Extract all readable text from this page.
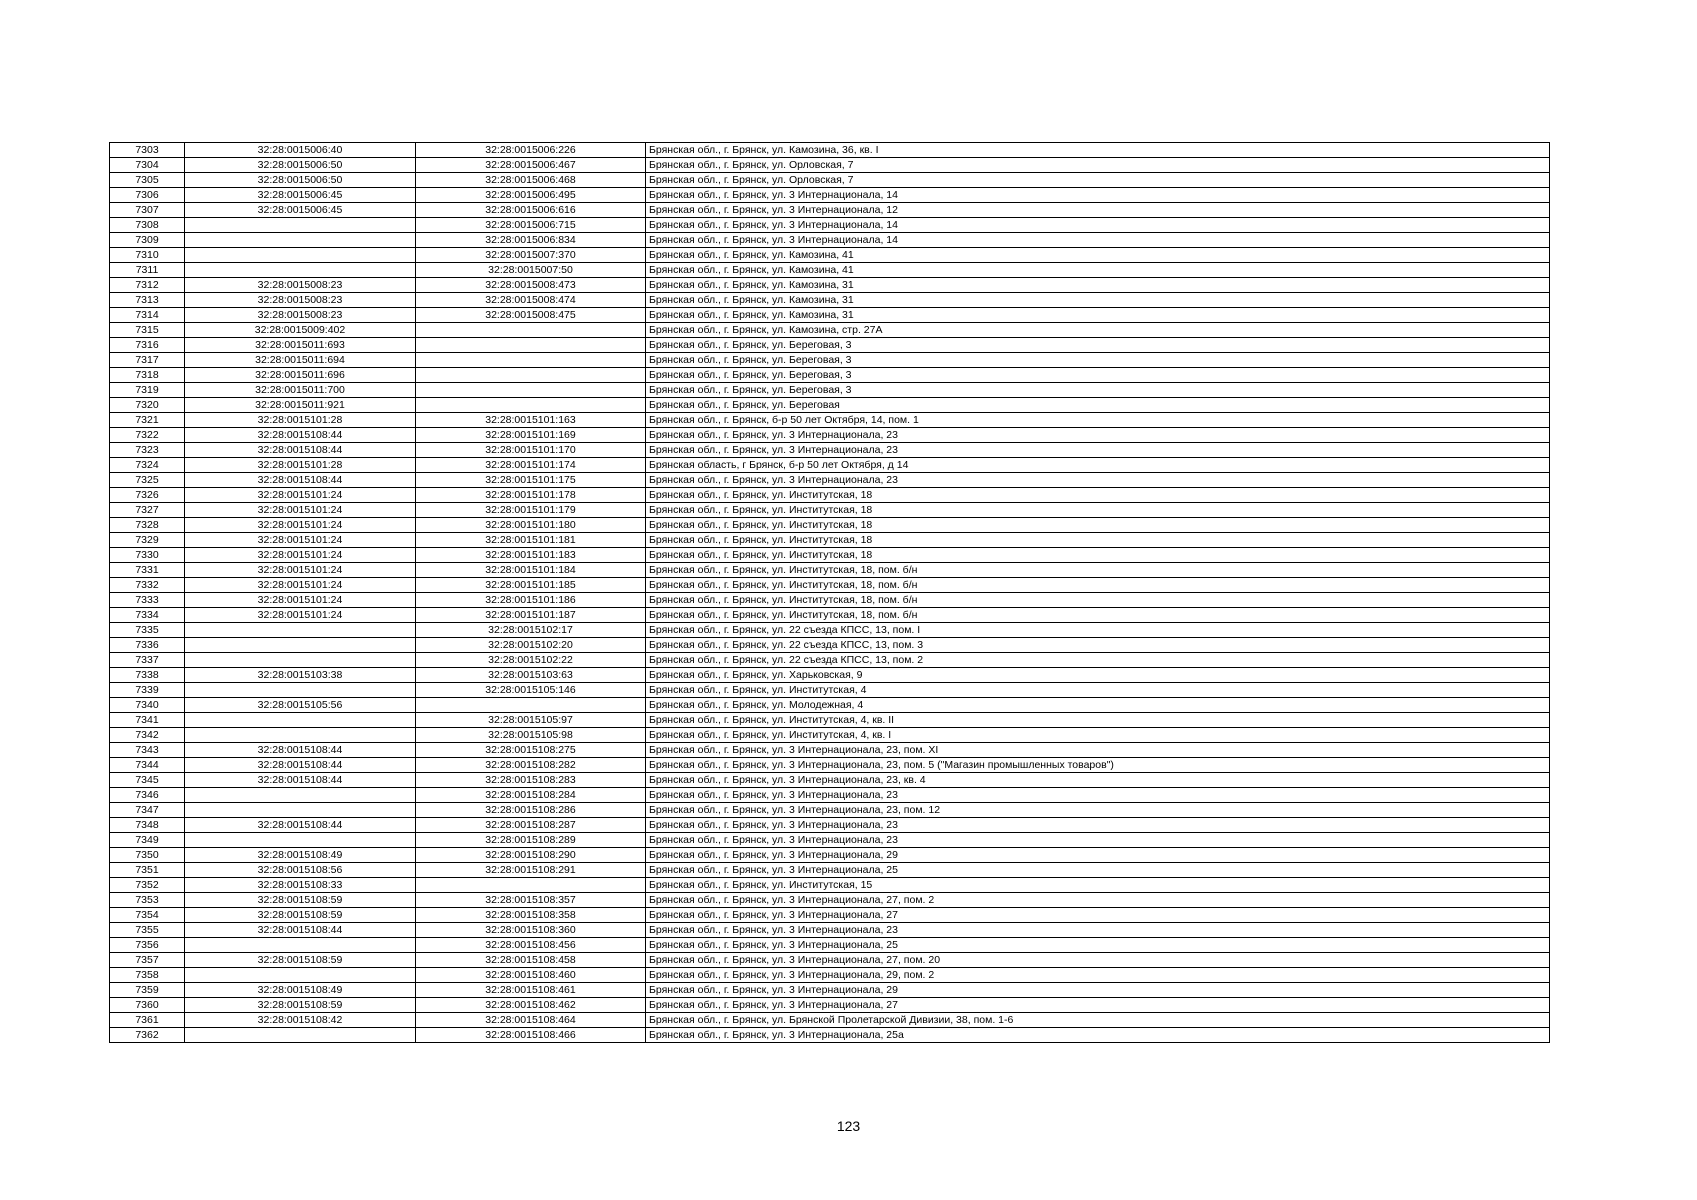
7303	32:28:0015006:40	32:28:0015006:226	Брянская обл., г. Брянск, ул. Камозина, 36, кв. I
7304	32:28:0015006:50	32:28:0015006:467	Брянская обл., г. Брянск, ул. Орловская, 7
7305	32:28:0015006:50	32:28:0015006:468	Брянская обл., г. Брянск, ул. Орловская, 7
7306	32:28:0015006:45	32:28:0015006:495	Брянская обл., г. Брянск, ул. 3 Интернационала, 14
7307	32:28:0015006:45	32:28:0015006:616	Брянская обл., г. Брянск, ул. 3 Интернационала, 12
7308		32:28:0015006:715	Брянская обл., г. Брянск, ул. 3 Интернационала, 14
7309		32:28:0015006:834	Брянская обл., г. Брянск, ул. 3 Интернационала, 14
7310		32:28:0015007:370	Брянская обл., г. Брянск, ул. Камозина, 41
7311		32:28:0015007:50	Брянская обл., г. Брянск, ул. Камозина, 41
7312	32:28:0015008:23	32:28:0015008:473	Брянская обл., г. Брянск, ул. Камозина, 31
7313	32:28:0015008:23	32:28:0015008:474	Брянская обл., г. Брянск, ул. Камозина, 31
7314	32:28:0015008:23	32:28:0015008:475	Брянская обл., г. Брянск, ул. Камозина, 31
7315	32:28:0015009:402		Брянская обл., г. Брянск, ул. Камозина, стр. 27А
7316	32:28:0015011:693		Брянская обл., г. Брянск, ул. Береговая, 3
7317	32:28:0015011:694		Брянская обл., г. Брянск, ул. Береговая, 3
7318	32:28:0015011:696		Брянская обл., г. Брянск, ул. Береговая, 3
7319	32:28:0015011:700		Брянская обл., г. Брянск, ул. Береговая, 3
7320	32:28:0015011:921		Брянская обл., г. Брянск, ул. Береговая
7321	32:28:0015101:28	32:28:0015101:163	Брянская обл., г. Брянск, б-р 50 лет Октября, 14, пом. 1
7322	32:28:0015108:44	32:28:0015101:169	Брянская обл., г. Брянск, ул. 3 Интернационала, 23
7323	32:28:0015108:44	32:28:0015101:170	Брянская обл., г. Брянск, ул. 3 Интернационала, 23
7324	32:28:0015101:28	32:28:0015101:174	Брянская область, г Брянск, б-р 50 лет Октября, д 14
7325	32:28:0015108:44	32:28:0015101:175	Брянская обл., г. Брянск, ул. 3 Интернационала, 23
7326	32:28:0015101:24	32:28:0015101:178	Брянская обл., г. Брянск, ул. Институтская, 18
7327	32:28:0015101:24	32:28:0015101:179	Брянская обл., г. Брянск, ул. Институтская, 18
7328	32:28:0015101:24	32:28:0015101:180	Брянская обл., г. Брянск, ул. Институтская, 18
7329	32:28:0015101:24	32:28:0015101:181	Брянская обл., г. Брянск, ул. Институтская, 18
7330	32:28:0015101:24	32:28:0015101:183	Брянская обл., г. Брянск, ул. Институтская, 18
7331	32:28:0015101:24	32:28:0015101:184	Брянская обл., г. Брянск, ул. Институтская, 18, пом. б/н
7332	32:28:0015101:24	32:28:0015101:185	Брянская обл., г. Брянск, ул. Институтская, 18, пом. б/н
7333	32:28:0015101:24	32:28:0015101:186	Брянская обл., г. Брянск, ул. Институтская, 18, пом. б/н
7334	32:28:0015101:24	32:28:0015101:187	Брянская обл., г. Брянск, ул. Институтская, 18, пом. б/н
7335		32:28:0015102:17	Брянская обл., г. Брянск, ул. 22 съезда КПСС, 13, пом. I
7336		32:28:0015102:20	Брянская обл., г. Брянск, ул. 22 съезда КПСС, 13, пом. 3
7337		32:28:0015102:22	Брянская обл., г. Брянск, ул. 22 съезда КПСС, 13, пом. 2
7338	32:28:0015103:38	32:28:0015103:63	Брянская обл., г. Брянск, ул. Харьковская, 9
7339		32:28:0015105:146	Брянская обл., г. Брянск, ул. Институтская, 4
7340	32:28:0015105:56		Брянская обл., г. Брянск, ул. Молодежная, 4
7341		32:28:0015105:97	Брянская обл., г. Брянск, ул. Институтская, 4, кв. II
7342		32:28:0015105:98	Брянская обл., г. Брянск, ул. Институтская, 4, кв. I
7343	32:28:0015108:44	32:28:0015108:275	Брянская обл., г. Брянск, ул. 3 Интернационала, 23, пом. XI
7344	32:28:0015108:44	32:28:0015108:282	Брянская обл., г. Брянск, ул. 3 Интернационала, 23, пом. 5 ("Магазин промышленных товаров")
7345	32:28:0015108:44	32:28:0015108:283	Брянская обл., г. Брянск, ул. 3 Интернационала, 23, кв. 4
7346		32:28:0015108:284	Брянская обл., г. Брянск, ул. 3 Интернационала, 23
7347		32:28:0015108:286	Брянская обл., г. Брянск, ул. 3 Интернационала, 23, пом. 12
7348	32:28:0015108:44	32:28:0015108:287	Брянская обл., г. Брянск, ул. 3 Интернационала, 23
7349		32:28:0015108:289	Брянская обл., г. Брянск, ул. 3 Интернационала, 23
7350	32:28:0015108:49	32:28:0015108:290	Брянская обл., г. Брянск, ул. 3 Интернационала, 29
7351	32:28:0015108:56	32:28:0015108:291	Брянская обл., г. Брянск, ул. 3 Интернационала, 25
7352	32:28:0015108:33		Брянская обл., г. Брянск, ул. Институтская, 15
7353	32:28:0015108:59	32:28:0015108:357	Брянская обл., г. Брянск, ул. 3 Интернационала, 27, пом. 2
7354	32:28:0015108:59	32:28:0015108:358	Брянская обл., г. Брянск, ул. 3 Интернационала, 27
7355	32:28:0015108:44	32:28:0015108:360	Брянская обл., г. Брянск, ул. 3 Интернационала, 23
7356		32:28:0015108:456	Брянская обл., г. Брянск, ул. 3 Интернационала, 25
7357	32:28:0015108:59	32:28:0015108:458	Брянская обл., г. Брянск, ул. 3 Интернационала, 27, пом. 20
7358		32:28:0015108:460	Брянская обл., г. Брянск, ул. 3 Интернационала, 29, пом. 2
7359	32:28:0015108:49	32:28:0015108:461	Брянская обл., г. Брянск, ул. 3 Интернационала, 29
7360	32:28:0015108:59	32:28:0015108:462	Брянская обл., г. Брянск, ул. 3 Интернационала, 27
7361	32:28:0015108:42	32:28:0015108:464	Брянская обл., г. Брянск, ул. Брянской Пролетарской Дивизии, 38, пом. 1-6
7362		32:28:0015108:466	Брянская обл., г. Брянск, ул. 3 Интернационала, 25а
123
